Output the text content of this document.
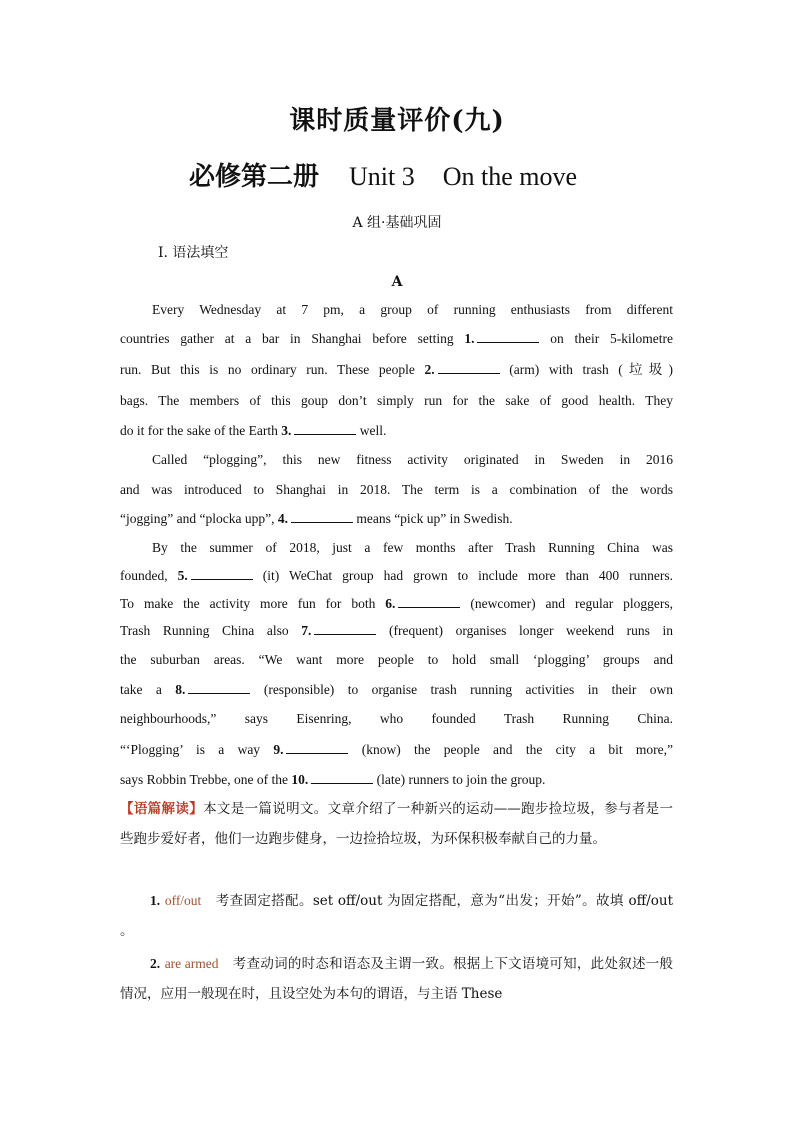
课时质量评价(九)
必修第二册 Unit 3 On the move
A 组·基础巩固
Ⅰ. 语法填空
A
Every Wednesday at 7 pm, a group of running enthusiasts from different
countries gather at a bar in Shanghai before setting 1.	on their 5-kilometre
run. But this is no ordinary run. These people 2.	(arm) with trash (垃圾)
bags. The members of this goup don’t simply run for the sake of good health. They
do it for the sake of the Earth 3.	well.
Called “plogging”, this new fitness activity originated in Sweden in 2016
and was introduced to Shanghai in 2018. The term is a combination of the words
“jogging” and “plocka upp”, 4.	means “pick up” in Swedish.
By the summer of 2018, just a few months after Trash Running China was
founded, 5.	(it) WeChat group had grown to include more than 400 runners.
To make the activity more fun for both 6.	(newcomer) and regular ploggers,
Trash Running China also 7.	(frequent) organises longer weekend runs in
the suburban areas. “We want more people to hold small ‘plogging’ groups and
take a 8.	(responsible) to organise trash running activities in their own
neighbourhoods,” says Eisenring, who founded Trash Running China.
“‘Plogging’ is a way 9.	(know) the people and the city a bit more,”
says Robbin Trebbe, one of the 10.	(late) runners to join the group.
【语篇解读】本文是一篇说明文。文章介绍了一种新兴的运动——跑步捡垃圾，参与者是一些跑步爱好者，他们一边跑步健身，一边捡拾垃圾，为环保积极奉献自己的力量。
1. off/out 考查固定搭配。set off/out 为固定搭配，意为“出发；开始”。故填 off/out 。
2. are armed 考查动词的时态和语态及主谓一致。根据上下文语境可知，此处叙述一般情况，应用一般现在时，且设空处为本句的谓语，与主语 These
